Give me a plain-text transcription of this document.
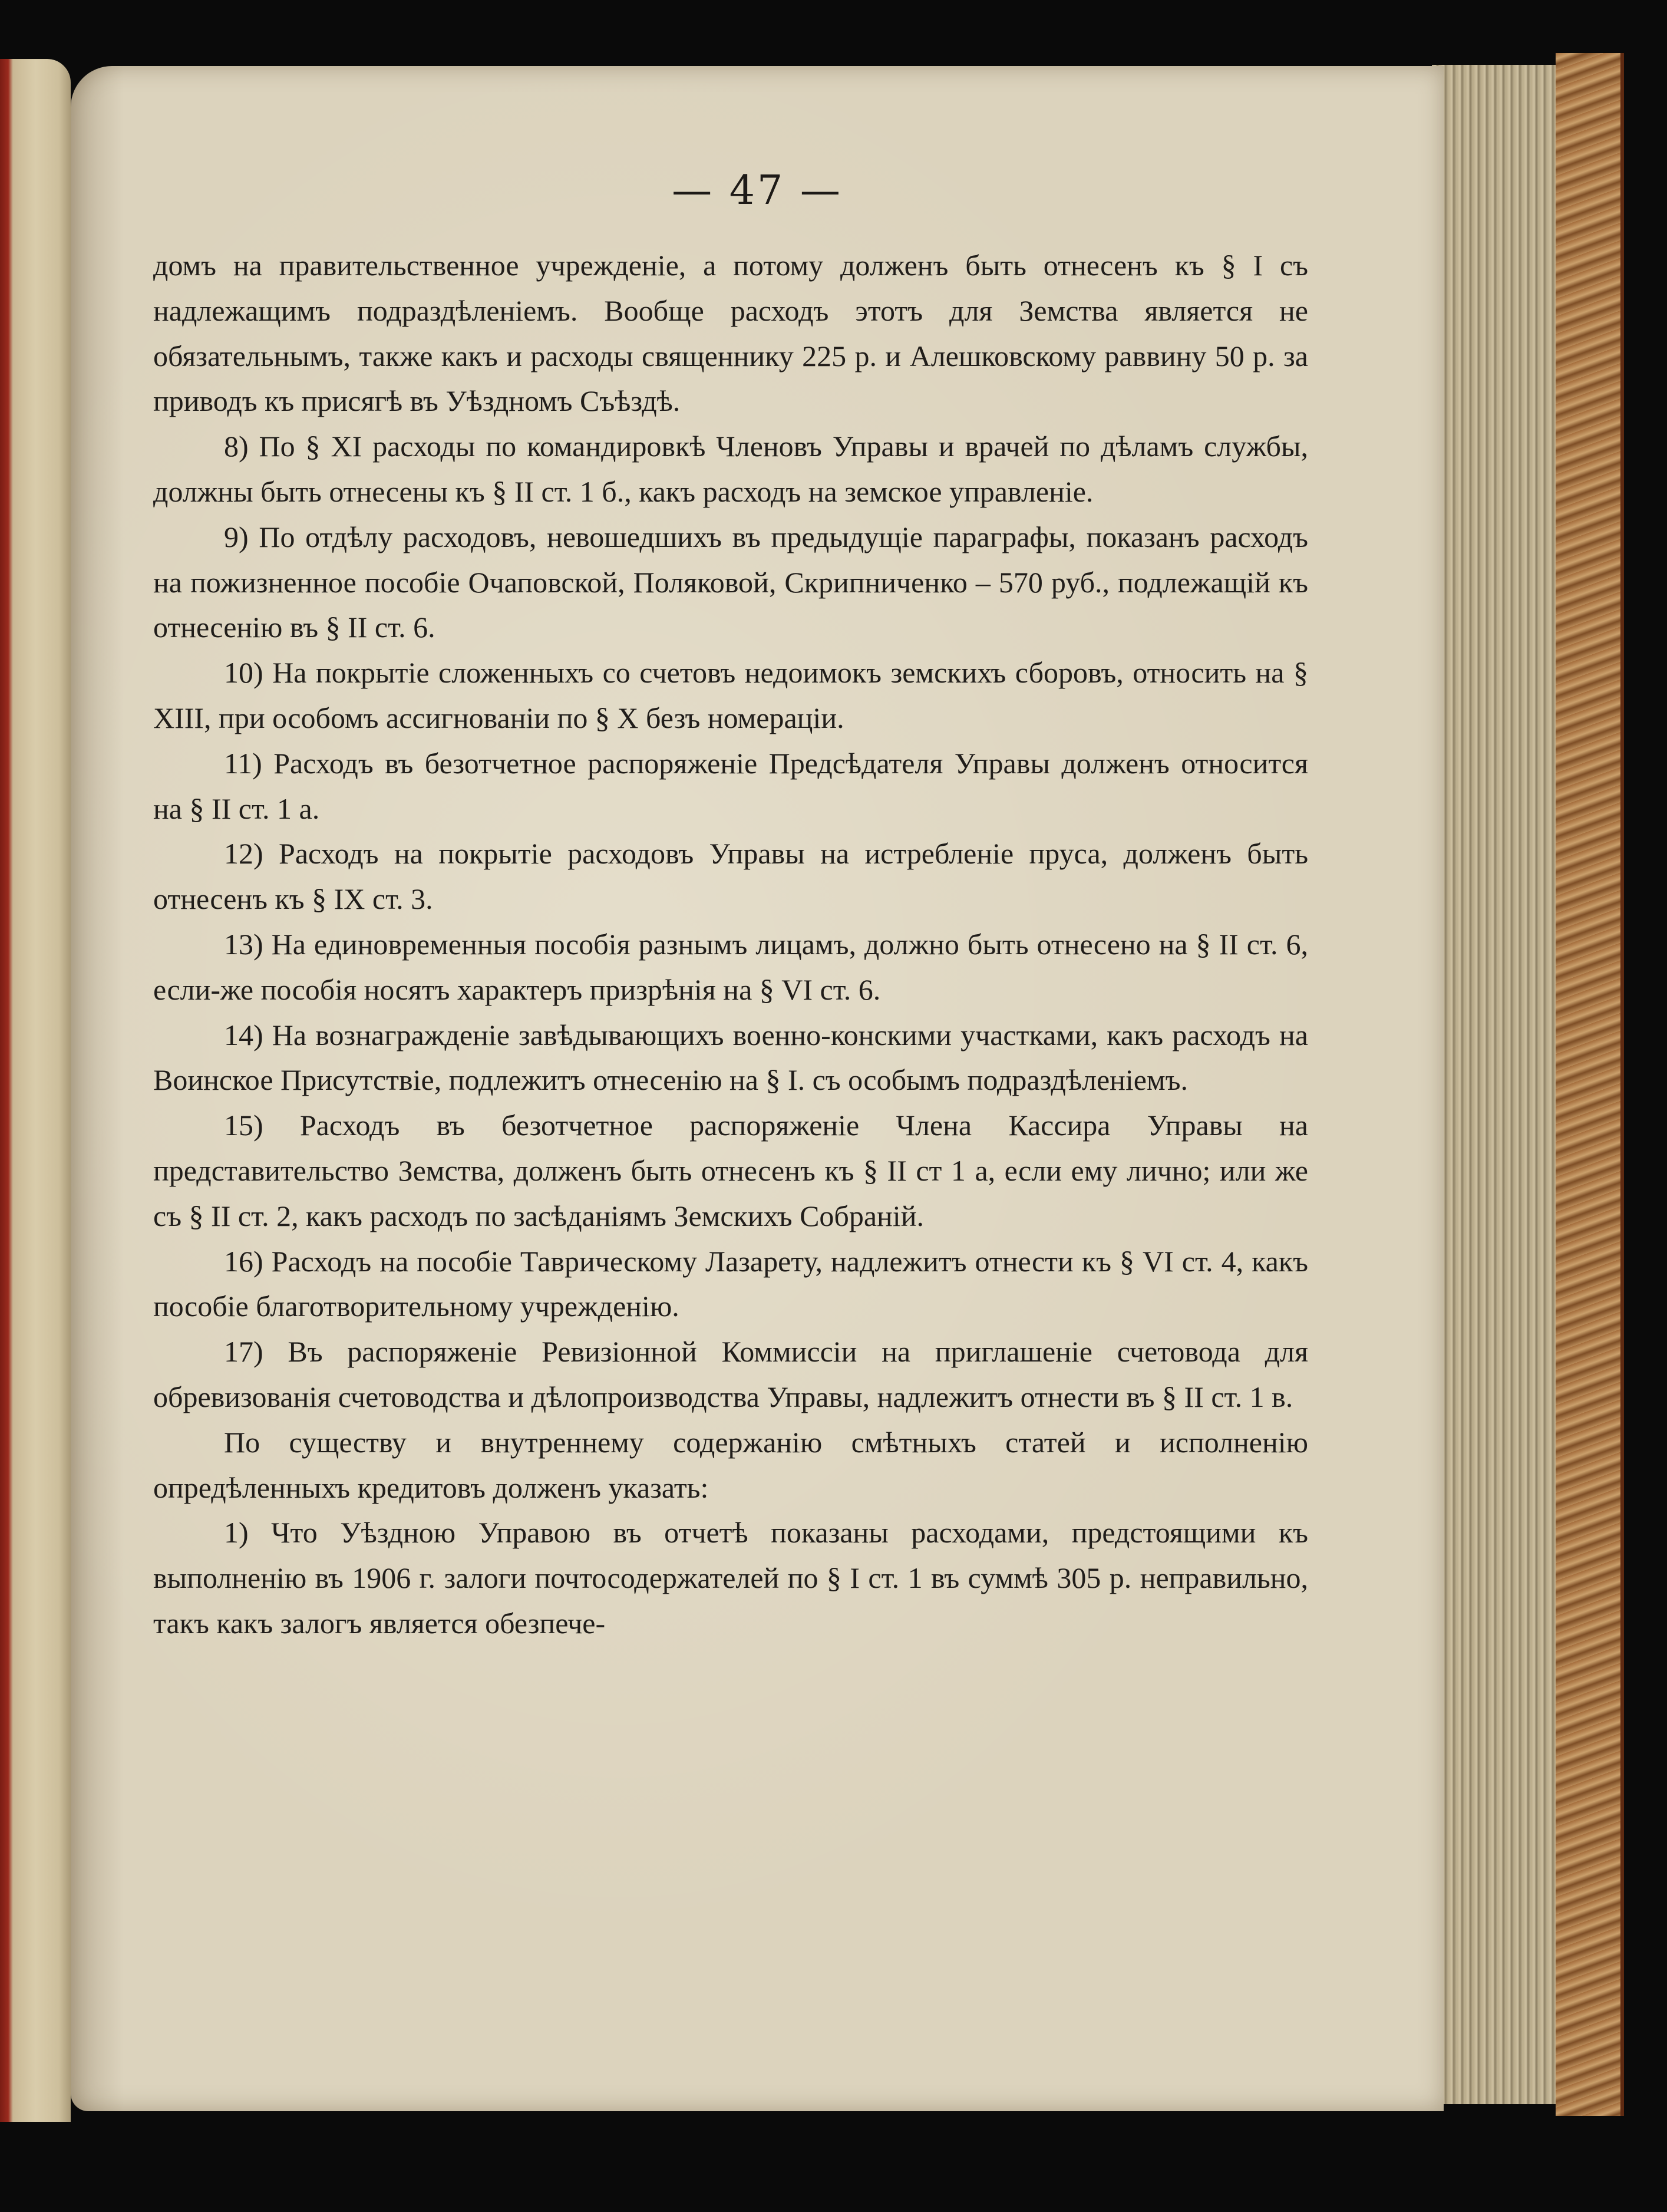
— 47 —

домъ на правительственное учрежденіе, а потому долженъ быть отнесенъ къ § I съ надлежащимъ подраздѣленіемъ. Вообще расходъ этотъ для Земства является не обязательнымъ, также какъ и расходы священнику 225 р. и Алешковскому раввину 50 р. за приводъ къ присягѣ въ Уѣздномъ Съѣздѣ.

8) По § XI расходы по командировкѣ Членовъ Управы и врачей по дѣламъ службы, должны быть отнесены къ § II ст. 1 б., какъ расходъ на земское управленіе.

9) По отдѣлу расходовъ, невошедшихъ въ предыдущіе параграфы, показанъ расходъ на пожизненное пособіе Очаповской, Поляковой, Скрипниченко – 570 руб., подлежащій къ отнесенію въ § II ст. 6.

10) На покрытіе сложенныхъ со счетовъ недоимокъ земскихъ сборовъ, относить на § XIII, при особомъ ассигнованіи по § X безъ номераціи.

11) Расходъ въ безотчетное распоряженіе Предсѣдателя Управы долженъ относится на § II ст. 1 а.

12) Расходъ на покрытіе расходовъ Управы на истребленіе пруса, долженъ быть отнесенъ къ § IX ст. 3.

13) На единовременныя пособія разнымъ лицамъ, должно быть отнесено на § II ст. 6, если-же пособія носятъ характеръ призрѣнія на § VI ст. 6.

14) На вознагражденіе завѣдывающихъ военно-конскими участками, какъ расходъ на Воинское Присутствіе, подлежитъ отнесенію на § I. съ особымъ подраздѣленіемъ.

15) Расходъ въ безотчетное распоряженіе Члена Кассира Управы на представительство Земства, долженъ быть отнесенъ къ § II ст 1 а, если ему лично; или же съ § II ст. 2, какъ расходъ по засѣданіямъ Земскихъ Собраній.

16) Расходъ на пособіе Таврическому Лазарету, надлежитъ отнести къ § VI ст. 4, какъ пособіе благотворительному учрежденію.

17) Въ распоряженіе Ревизіонной Коммиссіи на приглашеніе счетовода для обревизованія счетоводства и дѣлопроизводства Управы, надлежитъ отнести въ § II ст. 1 в.

По существу и внутреннему содержанію смѣтныхъ статей и исполненію опредѣленныхъ кредитовъ долженъ указать:

1) Что Уѣздною Управою въ отчетѣ показаны расходами, предстоящими къ выполненію въ 1906 г. залоги почтосодержателей по § I ст. 1 въ суммѣ 305 р. неправильно, такъ какъ залогъ является обезпече-
